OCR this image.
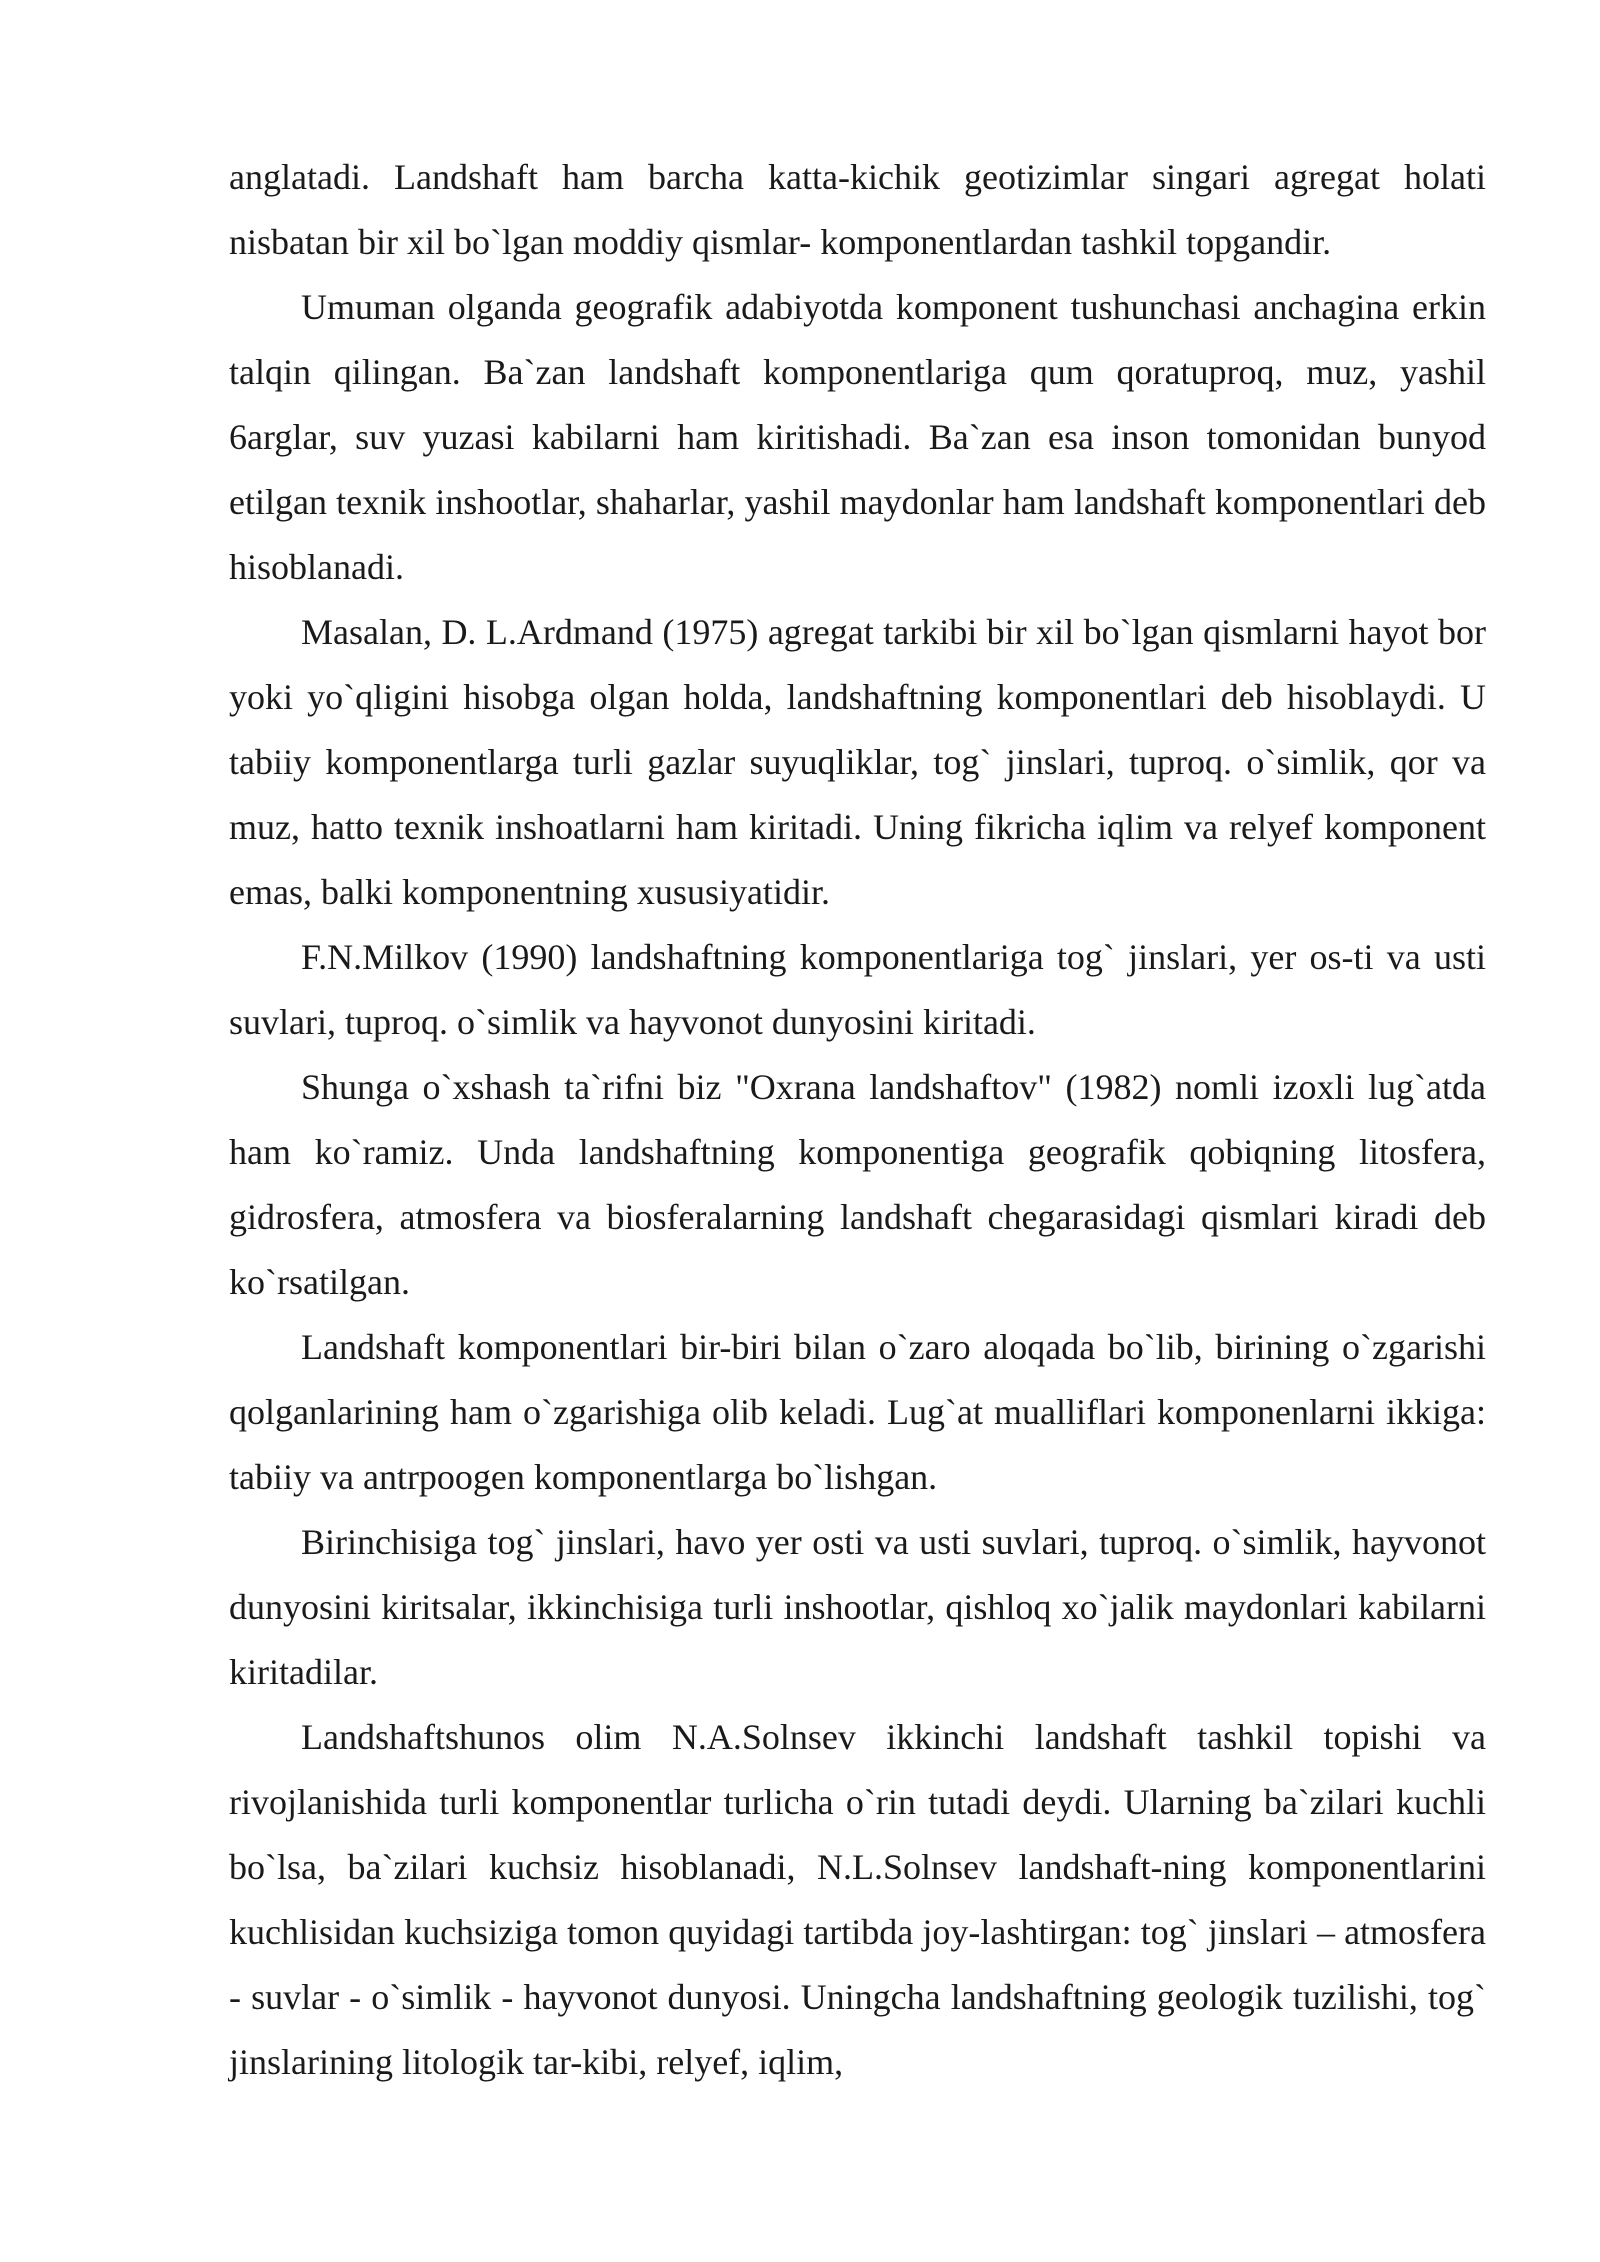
anglatadi. Landshaft ham barcha katta-kichik geotizimlar singari agregat holati nisbatan bir xil bo`lgan moddiy qismlar- komponentlardan tashkil topgandir.

Umuman olganda geografik adabiyotda komponent tushunchasi anchagina erkin talqin qilingan. Ba`zan landshaft komponentlariga qum qoratuproq, muz, yashil 6arglar, suv yuzasi kabilarni ham kiritishadi. Ba`zan esa inson tomonidan bunyod etilgan texnik inshootlar, shaharlar, yashil maydonlar ham landshaft komponentlari deb hisoblanadi.

Masalan, D. L.Ardmand (1975) agregat tarkibi bir xil bo`lgan qismlarni hayot bor yoki yo`qligini hisobga olgan holda, landshaftning komponentlari deb hisoblaydi. U tabiiy komponentlarga turli gazlar suyuqliklar, tog` jinslari, tuproq. o`simlik, qor va muz, hatto texnik inshoatlarni ham kiritadi. Uning fikricha iqlim va relyef komponent emas, balki komponentning xususiyatidir.

F.N.Milkov (1990) landshaftning komponentlariga tog` jinslari, yer os-ti va usti suvlari, tuproq. o`simlik va hayvonot dunyosini kiritadi.

Shunga o`xshash ta`rifni biz "Oxrana landshaftov" (1982) nomli izoxli lug`atda ham ko`ramiz. Unda landshaftning komponentiga geografik qobiqning litosfera, gidrosfera, atmosfera va biosferalarning landshaft chegarasidagi qismlari kiradi deb ko`rsatilgan.

Landshaft komponentlari bir-biri bilan o`zaro aloqada bo`lib, birining o`zgarishi qolganlarining ham o`zgarishiga olib keladi. Lug`at mualliflari komponenlarni ikkiga: tabiiy va antrpoogen komponentlarga bo`lishgan.

Birinchisiga tog` jinslari, havo yer osti va usti suvlari, tuproq. o`simlik, hayvonot dunyosini kiritsalar, ikkinchisiga turli inshootlar, qishloq xo`jalik maydonlari kabilarni kiritadilar.

Landshaftshunos olim N.A.Solnsev ikkinchi landshaft tashkil topishi va rivojlanishida turli komponentlar turlicha o`rin tutadi deydi. Ularning ba`zilari kuchli bo`lsa, ba`zilari kuchsiz hisoblanadi, N.L.Solnsev landshaft-ning komponentlarini kuchlisidan kuchsiziga tomon quyidagi tartibda joy-lashtirgan: tog` jinslari – atmosfera - suvlar - o`simlik - hayvonot dunyosi. Uningcha landshaftning geologik tuzilishi, tog` jinslarining litologik tar-kibi, relyef, iqlim,
